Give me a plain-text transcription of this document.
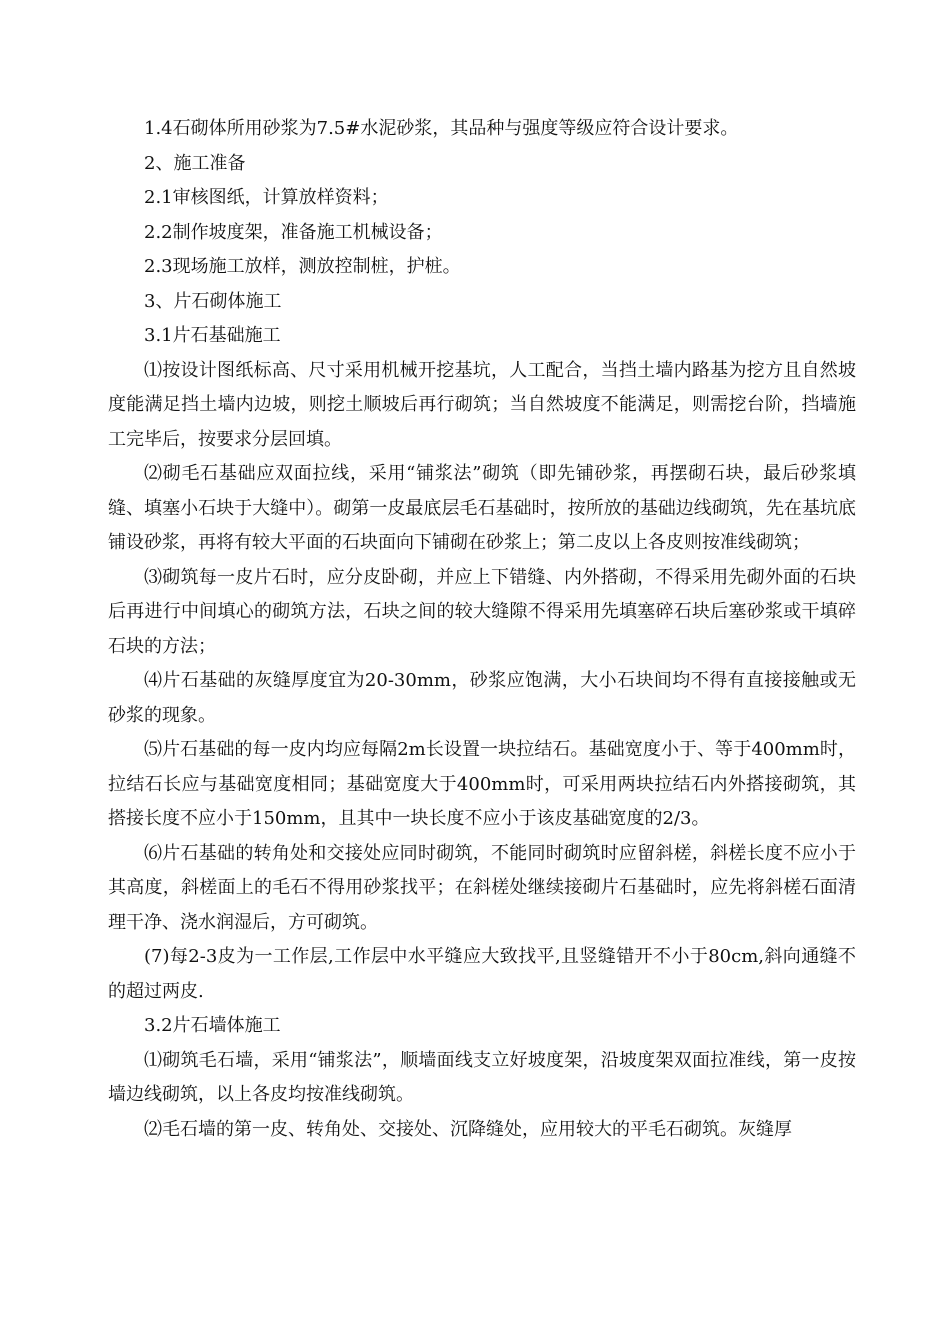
1.4石砌体所用砂浆为7.5#水泥砂浆，其品种与强度等级应符合设计要求。

2、施工准备

2.1审核图纸，计算放样资料；

2.2制作坡度架，准备施工机械设备；

2.3现场施工放样，测放控制桩，护桩。

3、片石砌体施工

3.1片石基础施工

⑴按设计图纸标高、尺寸采用机械开挖基坑，人工配合，当挡土墙内路基为挖方且自然坡度能满足挡土墙内边坡，则挖土顺坡后再行砌筑；当自然坡度不能满足，则需挖台阶，挡墙施工完毕后，按要求分层回填。

⑵砌毛石基础应双面拉线，采用“铺浆法”砌筑（即先铺砂浆，再摆砌石块，最后砂浆填缝、填塞小石块于大缝中）。砌第一皮最底层毛石基础时，按所放的基础边线砌筑，先在基坑底铺设砂浆，再将有较大平面的石块面向下铺砌在砂浆上；第二皮以上各皮则按准线砌筑；

⑶砌筑每一皮片石时，应分皮卧砌，并应上下错缝、内外搭砌，不得采用先砌外面的石块后再进行中间填心的砌筑方法，石块之间的较大缝隙不得采用先填塞碎石块后塞砂浆或干填碎石块的方法；

⑷片石基础的灰缝厚度宜为20-30mm，砂浆应饱满，大小石块间均不得有直接接触或无砂浆的现象。

⑸片石基础的每一皮内均应每隔2m长设置一块拉结石。基础宽度小于、等于400mm时，拉结石长应与基础宽度相同；基础宽度大于400mm时，可采用两块拉结石内外搭接砌筑，其搭接长度不应小于150mm，且其中一块长度不应小于该皮基础宽度的2/3。

⑹片石基础的转角处和交接处应同时砌筑，不能同时砌筑时应留斜槎，斜槎长度不应小于其高度，斜槎面上的毛石不得用砂浆找平；在斜槎处继续接砌片石基础时，应先将斜槎石面清理干净、浇水润湿后，方可砌筑。

(7)每2-3皮为一工作层,工作层中水平缝应大致找平,且竖缝错开不小于80cm,斜向通缝不的超过两皮.

3.2片石墙体施工

⑴砌筑毛石墙，采用“铺浆法”，顺墙面线支立好坡度架，沿坡度架双面拉准线，第一皮按墙边线砌筑，以上各皮均按准线砌筑。

⑵毛石墙的第一皮、转角处、交接处、沉降缝处，应用较大的平毛石砌筑。灰缝厚
